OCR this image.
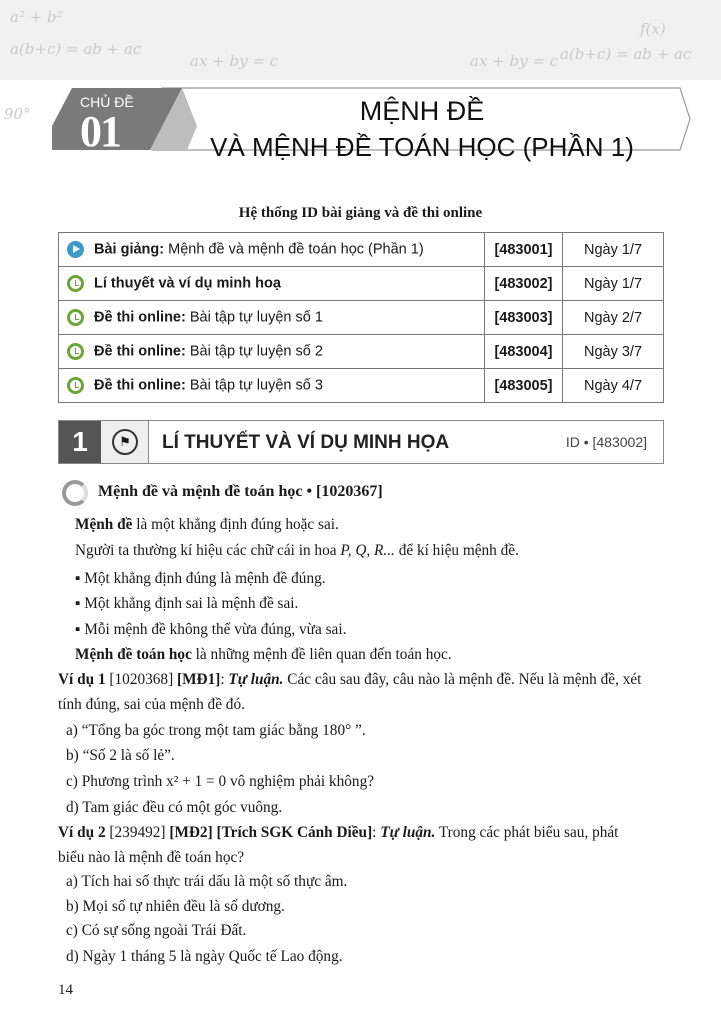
a(b+c) = ab + ac
ax + by = c
a² + b²
a(b+c) = ab + ac
f(x)
ax + by = c
90°
CHỦ ĐỀ
01	MỆNH ĐỀ
VÀ MỆNH ĐỀ TOÁN HỌC (PHẦN 1)
Hệ thống ID bài giảng và đề thi online
Bài giảng: Mệnh đề và mệnh đề toán học (Phần 1)	[483001]	Ngày 1/7
Lí thuyết và ví dụ minh hoạ	[483002]	Ngày 1/7
Đề thi online: Bài tập tự luyện số 1	[483003]	Ngày 2/7
Đề thi online: Bài tập tự luyện số 2	[483004]	Ngày 3/7
Đề thi online: Bài tập tự luyện số 3	[483005]	Ngày 4/7
1	⚑	LÍ THUYẾT VÀ VÍ DỤ MINH HỌA	ID • [483002]
Mệnh đề và mệnh đề toán học • [1020367]
Mệnh đề là một khẳng định đúng hoặc sai.
Người ta thường kí hiệu các chữ cái in hoa P, Q, R... để kí hiệu mệnh đề.
▪ Một khẳng định đúng là mệnh đề đúng.
▪ Một khẳng định sai là mệnh đề sai.
▪ Mỗi mệnh đề không thể vừa đúng, vừa sai.
Mệnh đề toán học là những mệnh đề liên quan đến toán học.
Ví dụ 1 [1020368] [MĐ1]: Tự luận. Các câu sau đây, câu nào là mệnh đề. Nếu là mệnh đề, xét
tính đúng, sai của mệnh đề đó.
a) “Tổng ba góc trong một tam giác bằng 180° ”.
b) “Số 2 là số lẻ”.
c) Phương trình x² + 1 = 0 vô nghiệm phải không?
d) Tam giác đều có một góc vuông.
Ví dụ 2 [239492] [MĐ2] [Trích SGK Cánh Diều]: Tự luận. Trong các phát biểu sau, phát
biểu nào là mệnh đề toán học?
a) Tích hai số thực trái dấu là một số thực âm.
b) Mọi số tự nhiên đều là số dương.
c) Có sự sống ngoài Trái Đất.
d) Ngày 1 tháng 5 là ngày Quốc tế Lao động.
14
